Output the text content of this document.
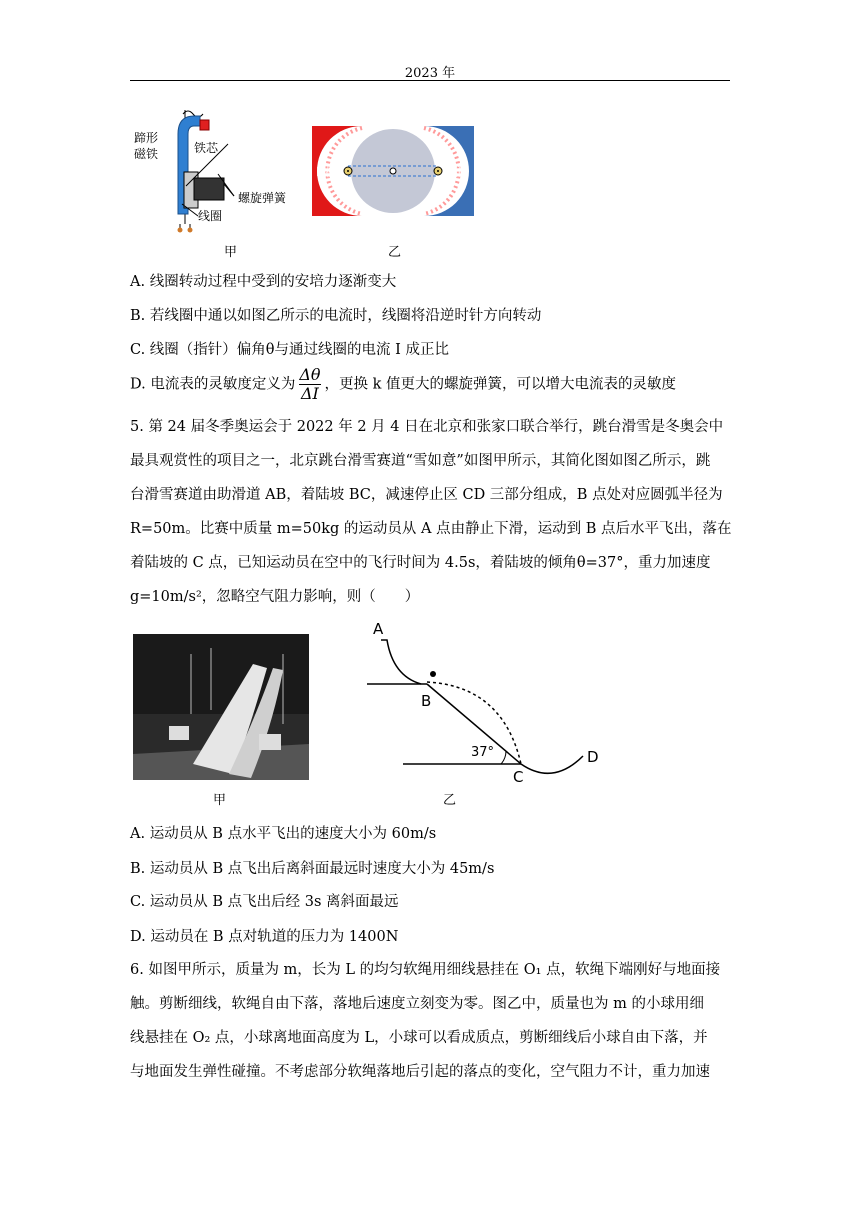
2023 年
蹄形
磁铁	铁芯
螺旋弹簧
线圈
甲
N极	S极
乙
A. 线圈转动过程中受到的安培力逐渐变大
B. 若线圈中通以如图乙所示的电流时，线圈将沿逆时针方向转动
C. 线圈（指针）偏角θ与通过线圈的电流 I 成正比
D. 电流表的灵敏度定义为 $\frac{\Delta\theta}{\Delta I}$ ，更换 k 值更大的螺旋弹簧，可以增大电流表的灵敏度
5. 第 24 届冬季奥运会于 2022 年 2 月 4 日在北京和张家口联合举行，跳台滑雪是冬奥会中
最具观赏性的项目之一，北京跳台滑雪赛道“雪如意”如图甲所示，其简化图如图乙所示，跳
台滑雪赛道由助滑道 AB，着陆坡 BC，减速停止区 CD 三部分组成，B 点处对应圆弧半径为
R=50m。比赛中质量 m=50kg 的运动员从 A 点由静止下滑，运动到 B 点后水平飞出，落在
着陆坡的 C 点，已知运动员在空中的飞行时间为 4.5s，着陆坡的倾角θ=37°，重力加速度
g=10m/s²，忽略空气阻力影响，则（　　）
甲
A
B
C
D
37°
乙
A. 运动员从 B 点水平飞出的速度大小为 60m/s
B. 运动员从 B 点飞出后离斜面最远时速度大小为 45m/s
C. 运动员从 B 点飞出后经 3s 离斜面最远
D. 运动员在 B 点对轨道的压力为 1400N
6. 如图甲所示，质量为 m，长为 L 的均匀软绳用细线悬挂在 O₁ 点，软绳下端刚好与地面接
触。剪断细线，软绳自由下落，落地后速度立刻变为零。图乙中，质量也为 m 的小球用细
线悬挂在 O₂ 点，小球离地面高度为 L，小球可以看成质点，剪断细线后小球自由下落，并
与地面发生弹性碰撞。不考虑部分软绳落地后引起的落点的变化，空气阻力不计，重力加速
